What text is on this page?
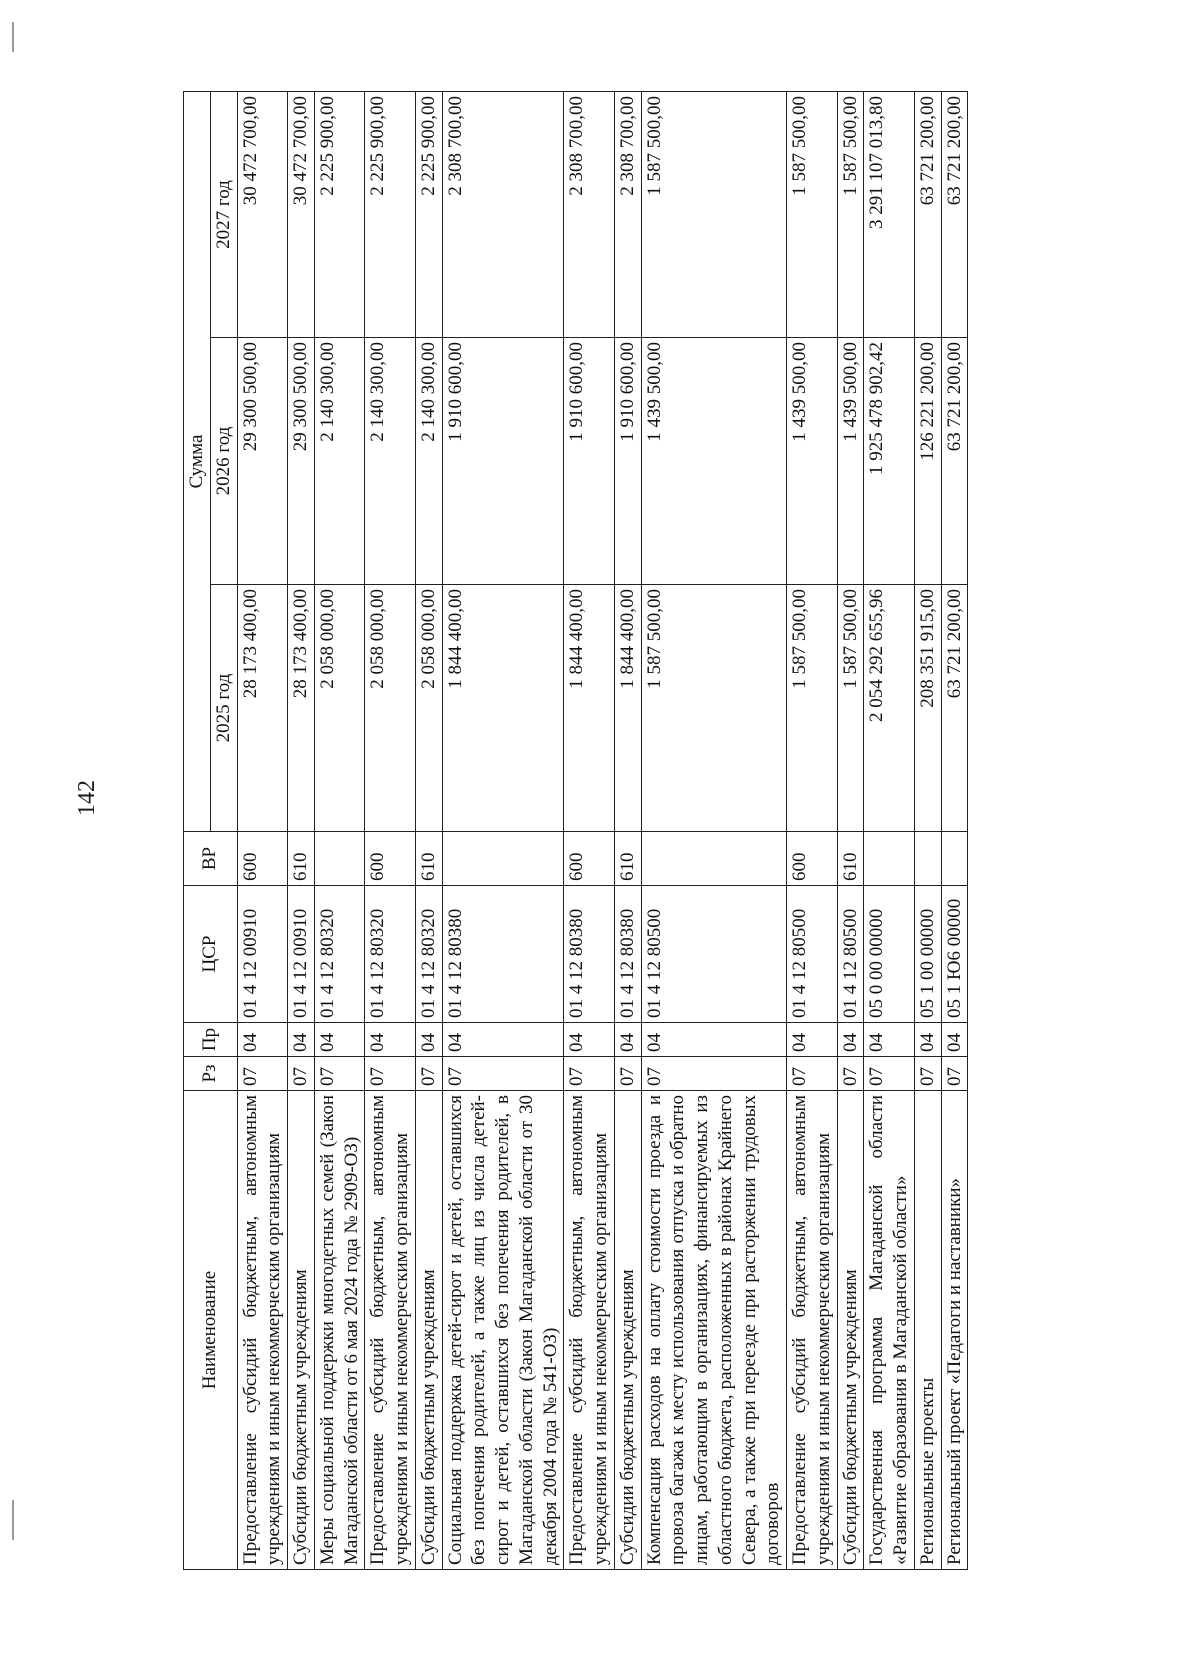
142
Наименование	Рз	Пр	ЦСР	ВР	Сумма		
					2025 год	2026 год	2027 год
Предоставление субсидий бюджетным, автономным учреждениям и иным некоммерческим организациям	07	04	01 4 12 00910	600	28 173 400,00	29 300 500,00	30 472 700,00
Субсидии бюджетным учреждениям	07	04	01 4 12 00910	610	28 173 400,00	29 300 500,00	30 472 700,00
Меры социальной поддержки многодетных семей (Закон Магаданской области от 6 мая 2024 года № 2909-ОЗ)	07	04	01 4 12 80320		2 058 000,00	2 140 300,00	2 225 900,00
Предоставление субсидий бюджетным, автономным учреждениям и иным некоммерческим организациям	07	04	01 4 12 80320	600	2 058 000,00	2 140 300,00	2 225 900,00
Субсидии бюджетным учреждениям	07	04	01 4 12 80320	610	2 058 000,00	2 140 300,00	2 225 900,00
Социальная поддержка детей-сирот и детей, оставшихся без попечения родителей, а также лиц из числа детей-сирот и детей, оставшихся без попечения родителей, в Магаданской области (Закон Магаданской области от 30 декабря 2004 года № 541-ОЗ)	07	04	01 4 12 80380		1 844 400,00	1 910 600,00	2 308 700,00
Предоставление субсидий бюджетным, автономным учреждениям и иным некоммерческим организациям	07	04	01 4 12 80380	600	1 844 400,00	1 910 600,00	2 308 700,00
Субсидии бюджетным учреждениям	07	04	01 4 12 80380	610	1 844 400,00	1 910 600,00	2 308 700,00
Компенсация расходов на оплату стоимости проезда и провоза багажа к месту использования отпуска и обратно лицам, работающим в организациях, финансируемых из областного бюджета, расположенных в районах Крайнего Севера, а также при переезде при расторжении трудовых договоров	07	04	01 4 12 80500		1 587 500,00	1 439 500,00	1 587 500,00
Предоставление субсидий бюджетным, автономным учреждениям и иным некоммерческим организациям	07	04	01 4 12 80500	600	1 587 500,00	1 439 500,00	1 587 500,00
Субсидии бюджетным учреждениям	07	04	01 4 12 80500	610	1 587 500,00	1 439 500,00	1 587 500,00
Государственная программа Магаданской области «Развитие образования в Магаданской области»	07	04	05 0 00 00000		2 054 292 655,96	1 925 478 902,42	3 291 107 013,80
Региональные проекты	07	04	05 1 00 00000		208 351 915,00	126 221 200,00	63 721 200,00
Региональный проект «Педагоги и наставники»	07	04	05 1 Ю6 00000		63 721 200,00	63 721 200,00	63 721 200,00
